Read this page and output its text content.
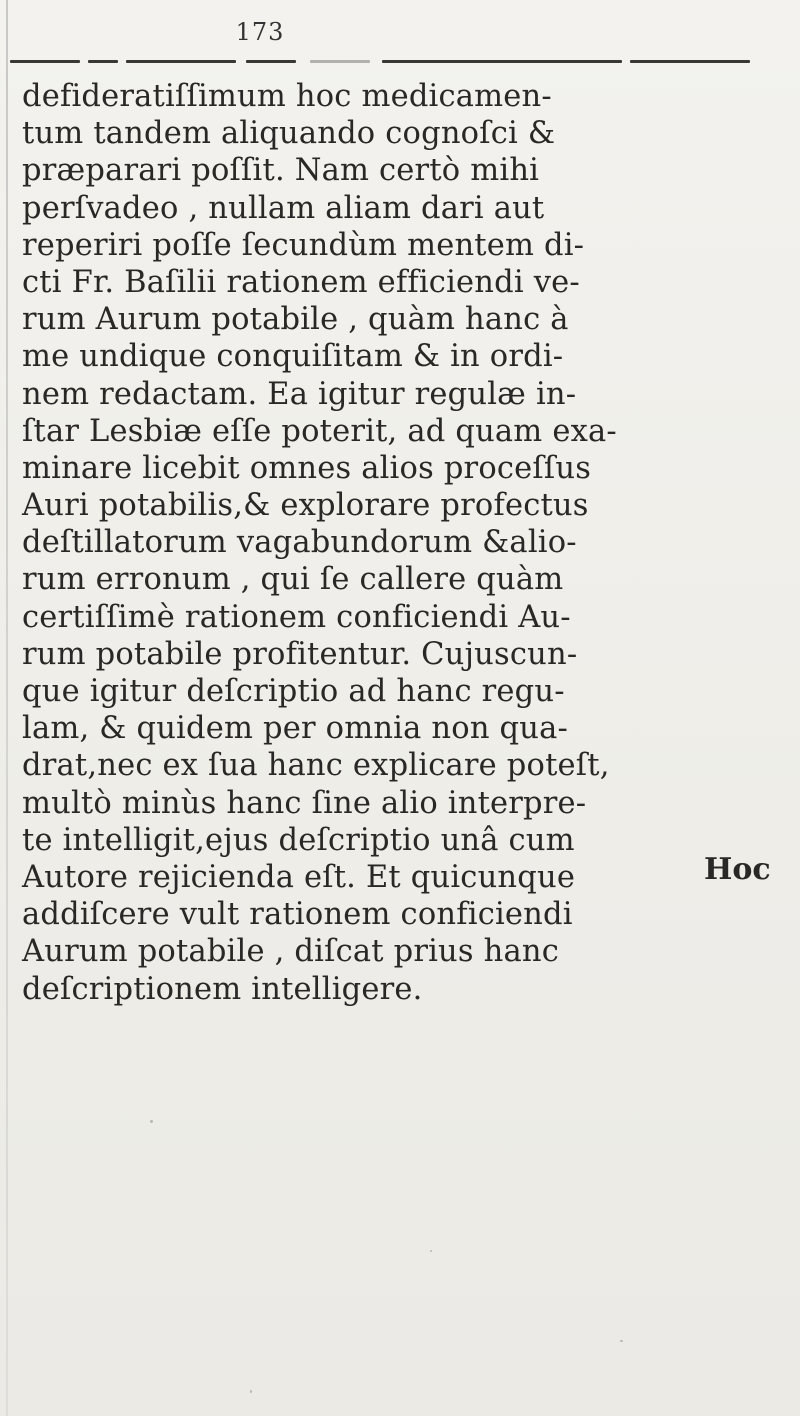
173
defideratiſſimum hoc medicamen-
tum tandem aliquando cognoſci &
præparari poſſit. Nam certò mihi
perſvadeo , nullam aliam dari aut
reperiri poſſe ſecundùm mentem di-
cti Fr. Baſilii rationem efficiendi ve-
rum Aurum potabile , quàm hanc à
me undique conquiſitam & in ordi-
nem redactam. Ea igitur regulæ in-
ſtar Lesbiæ eſſe poterit, ad quam exa-
minare licebit omnes alios proceſſus
Auri potabilis,& explorare profectus
deſtillatorum vagabundorum &alio-
rum erronum , qui ſe callere quàm
certiſſimè rationem conficiendi Au-
rum potabile profitentur. Cujuscun-
que igitur deſcriptio ad hanc regu-
lam, & quidem per omnia non qua-
drat,nec ex ſua hanc explicare poteſt,
multò minùs hanc ſine alio interpre-
te intelligit,ejus deſcriptio unâ cum
Autore rejicienda eſt. Et quicunque
addiſcere vult rationem conficiendi
Aurum potabile , diſcat prius hanc
deſcriptionem intelligere.
Hoc
